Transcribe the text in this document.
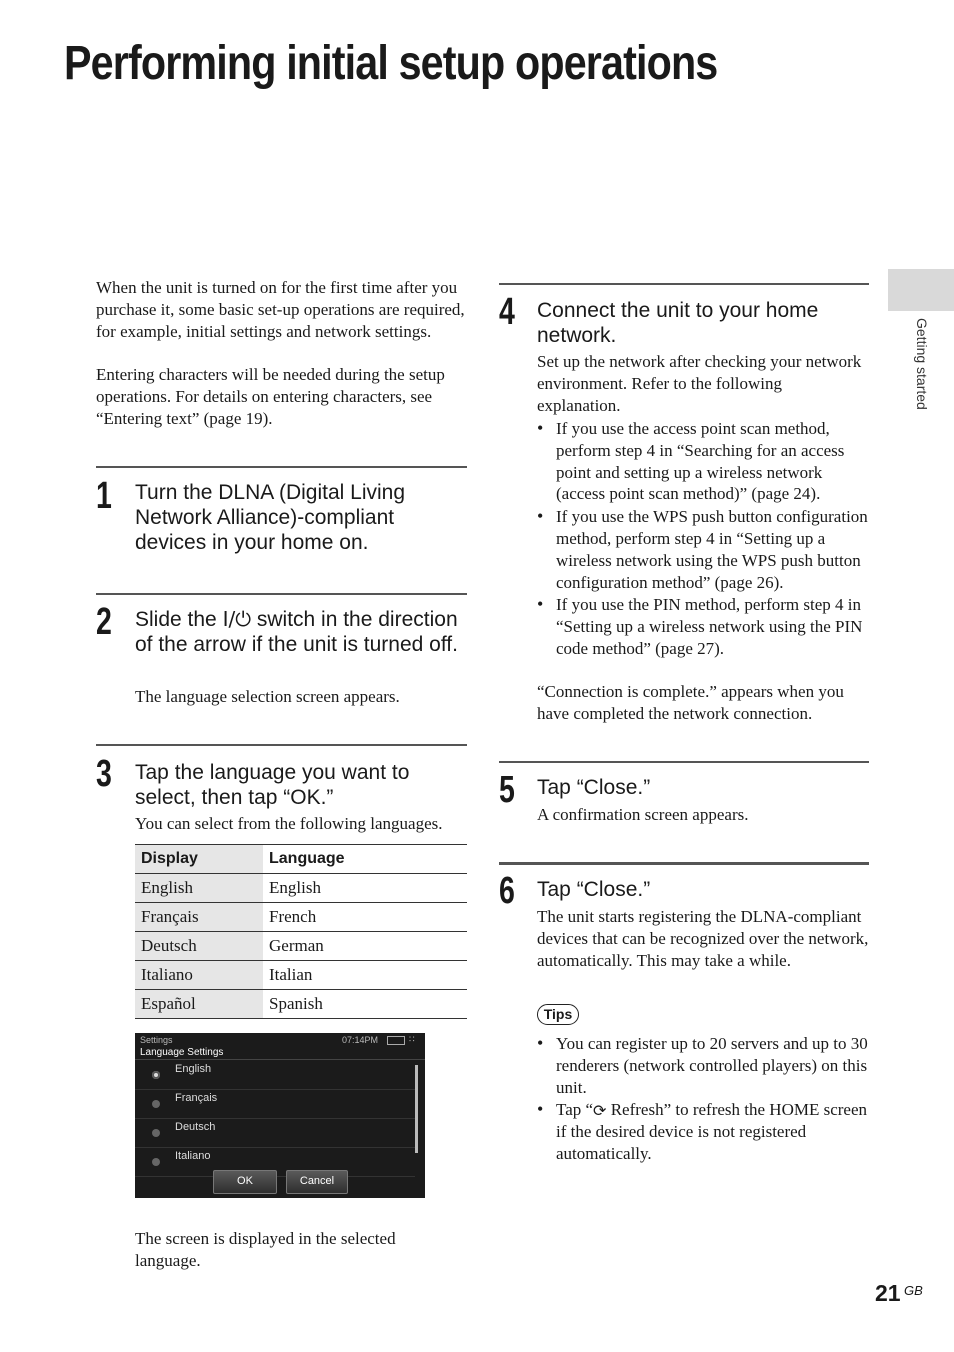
Performing initial setup operations
Getting started

When the unit is turned on for the first time after you purchase it, some basic set-up operations are required, for example, initial settings and network settings.

Entering characters will be needed during the setup operations. For details on entering characters, see “Entering text” (page 19).

1 Turn the DLNA (Digital Living Network Alliance)-compliant devices in your home on.

2 Slide the I/⏻ switch in the direction of the arrow if the unit is turned off.

The language selection screen appears.

3 Tap the language you want to select, then tap “OK.”

You can select from the following languages.

Display	Language
English	English
Français	French
Deutsch	German
Italiano	Italian
Español	Spanish
Settings	07:14PM	∷
Language Settings
English
Français
Deutsch
Italiano
OK	Cancel

The screen is displayed in the selected language.

4 Connect the unit to your home network.

Set up the network after checking your network environment. Refer to the following explanation.

• If you use the access point scan method, perform step 4 in “Searching for an access point and setting up a wireless network (access point scan method)” (page 24).
• If you use the WPS push button configuration method, perform step 4 in “Setting up a wireless network using the WPS push button configuration method” (page 26).
• If you use the PIN method, perform step 4 in “Setting up a wireless network using the PIN code method” (page 27).

“Connection is complete.” appears when you have completed the network connection.

5 Tap “Close.”

A confirmation screen appears.

6 Tap “Close.”

The unit starts registering the DLNA-compliant devices that can be recognized over the network, automatically. This may take a while.

Tips
• You can register up to 20 servers and up to 30 renderers (network controlled players) on this unit.
• Tap “⟳ Refresh” to refresh the HOME screen if the desired device is not registered automatically.
21 GB
